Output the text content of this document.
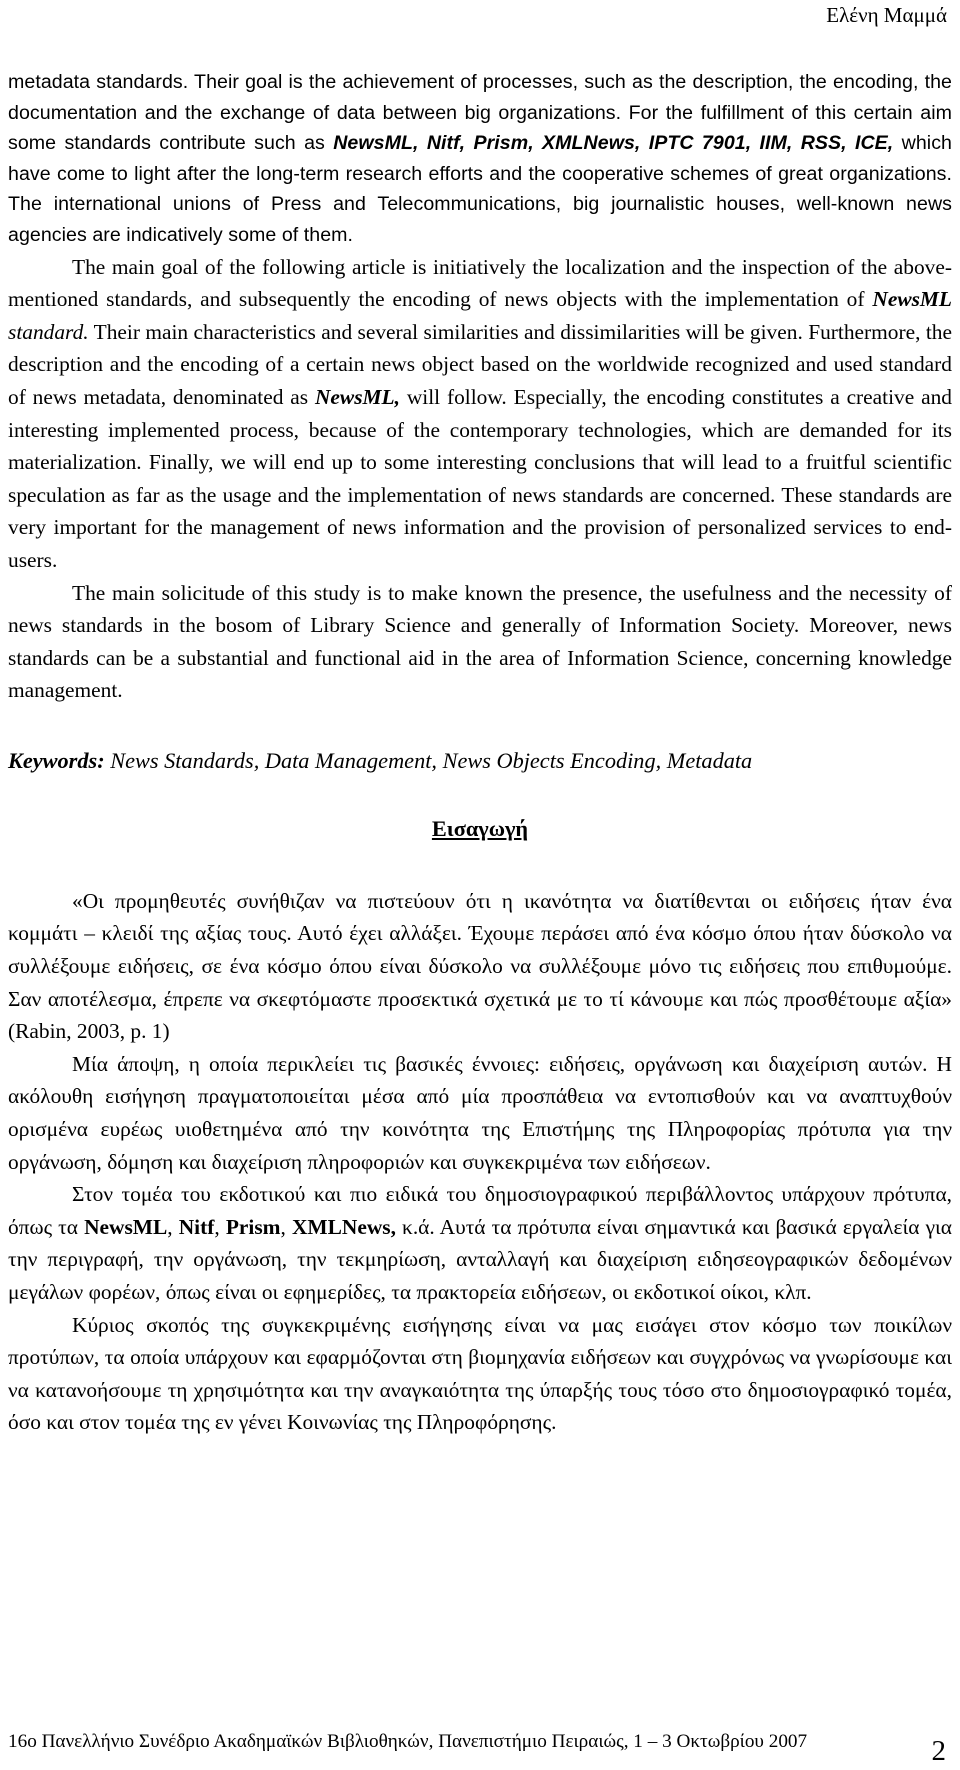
Ελένη Μαμμά

metadata standards. Their goal is the achievement of processes, such as the description, the encoding, the documentation and the exchange of data between big organizations. For the fulfillment of this certain aim some standards contribute such as NewsML, Nitf, Prism, XMLNews, IPTC 7901, IIM, RSS, ICE, which have come to light after the long-term research efforts and the cooperative schemes of great organizations. The international unions of Press and Telecommunications, big journalistic houses, well-known news agencies are indicatively some of them.

The main goal of the following article is initiatively the localization and the inspection of the above-mentioned standards, and subsequently the encoding of news objects with the implementation of NewsML standard. Their main characteristics and several similarities and dissimilarities will be given. Furthermore, the description and the encoding of a certain news object based on the worldwide recognized and used standard of news metadata, denominated as NewsML, will follow. Especially, the encoding constitutes a creative and interesting implemented process, because of the contemporary technologies, which are demanded for its materialization. Finally, we will end up to some interesting conclusions that will lead to a fruitful scientific speculation as far as the usage and the implementation of news standards are concerned. These standards are very important for the management of news information and the provision of personalized services to end-users.

The main solicitude of this study is to make known the presence, the usefulness and the necessity of news standards in the bosom of Library Science and generally of Information Society. Moreover, news standards can be a substantial and functional aid in the area of Information Science, concerning knowledge management.

Keywords: News Standards, Data Management, News Objects Encoding, Metadata

Εισαγωγή

«Οι προμηθευτές συνήθιζαν να πιστεύουν ότι η ικανότητα να διατίθενται οι ειδήσεις ήταν ένα κομμάτι – κλειδί της αξίας τους. Αυτό έχει αλλάξει. Έχουμε περάσει από ένα κόσμο όπου ήταν δύσκολο να συλλέξουμε ειδήσεις, σε ένα κόσμο όπου είναι δύσκολο να συλλέξουμε μόνο τις ειδήσεις που επιθυμούμε. Σαν αποτέλεσμα, έπρεπε να σκεφτόμαστε προσεκτικά σχετικά με το τί κάνουμε και πώς προσθέτουμε αξία» (Rabin, 2003, p. 1)

Μία άποψη, η οποία περικλείει τις βασικές έννοιες: ειδήσεις, οργάνωση και διαχείριση αυτών. Η ακόλουθη εισήγηση πραγματοποιείται μέσα από μία προσπάθεια να εντοπισθούν και να αναπτυχθούν ορισμένα ευρέως υιοθετημένα από την κοινότητα της Επιστήμης της Πληροφορίας πρότυπα για την οργάνωση, δόμηση και διαχείριση πληροφοριών και συγκεκριμένα των ειδήσεων.

Στον τομέα του εκδοτικού και πιο ειδικά του δημοσιογραφικού περιβάλλοντος υπάρχουν πρότυπα, όπως τα NewsML, Nitf, Prism, XMLNews, κ.ά. Αυτά τα πρότυπα είναι σημαντικά και βασικά εργαλεία για την περιγραφή, την οργάνωση, την τεκμηρίωση, ανταλλαγή και διαχείριση ειδησεογραφικών δεδομένων μεγάλων φορέων, όπως είναι οι εφημερίδες, τα πρακτορεία ειδήσεων, οι εκδοτικοί οίκοι, κλπ.

Κύριος σκοπός της συγκεκριμένης εισήγησης είναι να μας εισάγει στον κόσμο των ποικίλων προτύπων, τα οποία υπάρχουν και εφαρμόζονται στη βιομηχανία ειδήσεων και συγχρόνως να γνωρίσουμε και να κατανοήσουμε τη χρησιμότητα και την αναγκαιότητα της ύπαρξής τους τόσο στο δημοσιογραφικό τομέα, όσο και στον τομέα της εν γένει Κοινωνίας της Πληροφόρησης.

16ο Πανελλήνιο Συνέδριο Ακαδημαϊκών Βιβλιοθηκών, Πανεπιστήμιο Πειραιώς, 1 – 3 Οκτωβρίου 2007	2
